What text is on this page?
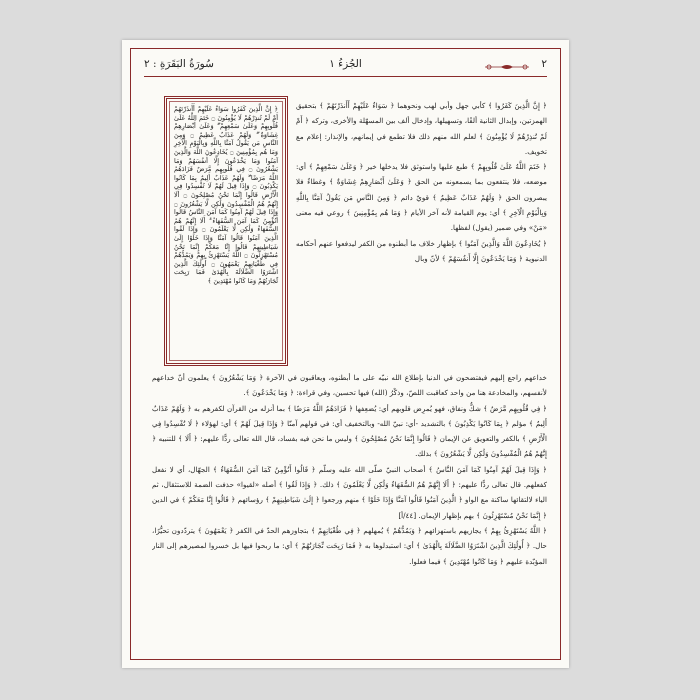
سُورَةُ البَقَرَةِ : ٢	الجُزءُ ١	٢
﴿ إِنَّ الَّذِينَ كَفَرُوا سَوَاءٌ عَلَيْهِمْ أَأَنذَرْتَهُمْ أَمْ لَمْ تُنذِرْهُمْ لَا يُؤْمِنُونَ ۝ خَتَمَ اللَّهُ عَلَىٰ قُلُوبِهِمْ وَعَلَىٰ سَمْعِهِمْ ۖ وَعَلَىٰ أَبْصَارِهِمْ غِشَاوَةٌ ۖ وَلَهُمْ عَذَابٌ عَظِيمٌ ۝ وَمِنَ النَّاسِ مَن يَقُولُ آمَنَّا بِاللَّهِ وَبِالْيَوْمِ الْآخِرِ وَمَا هُم بِمُؤْمِنِينَ ۝ يُخَادِعُونَ اللَّهَ وَالَّذِينَ آمَنُوا وَمَا يَخْدَعُونَ إِلَّا أَنفُسَهُمْ وَمَا يَشْعُرُونَ ۝ فِي قُلُوبِهِم مَّرَضٌ فَزَادَهُمُ اللَّهُ مَرَضًا ۖ وَلَهُمْ عَذَابٌ أَلِيمٌ بِمَا كَانُوا يَكْذِبُونَ ۝ وَإِذَا قِيلَ لَهُمْ لَا تُفْسِدُوا فِي الْأَرْضِ قَالُوا إِنَّمَا نَحْنُ مُصْلِحُونَ ۝ أَلَا إِنَّهُمْ هُمُ الْمُفْسِدُونَ وَلَٰكِن لَّا يَشْعُرُونَ ۝ وَإِذَا قِيلَ لَهُمْ آمِنُوا كَمَا آمَنَ النَّاسُ قَالُوا أَنُؤْمِنُ كَمَا آمَنَ السُّفَهَاءُ ۗ أَلَا إِنَّهُمْ هُمُ السُّفَهَاءُ وَلَٰكِن لَّا يَعْلَمُونَ ۝ وَإِذَا لَقُوا الَّذِينَ آمَنُوا قَالُوا آمَنَّا وَإِذَا خَلَوْا إِلَىٰ شَيَاطِينِهِمْ قَالُوا إِنَّا مَعَكُمْ إِنَّمَا نَحْنُ مُسْتَهْزِئُونَ ۝ اللَّهُ يَسْتَهْزِئُ بِهِمْ وَيَمُدُّهُمْ فِي طُغْيَانِهِمْ يَعْمَهُونَ ۝ أُولَٰئِكَ الَّذِينَ اشْتَرَوُا الضَّلَالَةَ بِالْهُدَىٰ فَمَا رَبِحَت تِّجَارَتُهُمْ وَمَا كَانُوا مُهْتَدِينَ ﴾

﴿ إِنَّ الَّذِينَ كَفَرُوا ﴾ كأبي جهل وأبي لهب ونحوهما ﴿ سَوَاءٌ عَلَيْهِمْ أَأَنذَرْتَهُمْ ﴾ بتحقيق الهمزتين، وإبدال الثانية ألفًا، وتسهيلها، وإدخال ألف بين المسهّلة والأخرى، وتركه ﴿ أَمْ لَمْ تُنذِرْهُمْ لَا يُؤْمِنُونَ ﴾ لعلم الله منهم ذلك فلا تطمع في إيمانهم، والإنذار: إعلام مع تخويف.

﴿ خَتَمَ اللَّهُ عَلَىٰ قُلُوبِهِمْ ﴾ طبع عليها واستوثق فلا يدخلها خير ﴿ وَعَلَىٰ سَمْعِهِمْ ﴾ أي: موضعه، فلا ينتفعون بما يسمعونه من الحق ﴿ وَعَلَىٰ أَبْصَارِهِمْ غِشَاوَةٌ ﴾ وغطاءٌ فلا يبصرون الحق ﴿ وَلَهُمْ عَذَابٌ عَظِيمٌ ﴾ قويّ دائم ﴿ وَمِنَ النَّاسِ مَن يَقُولُ آمَنَّا بِاللَّهِ وَبِالْيَوْمِ الْآخِرِ ﴾ أي: يوم القيامة لأنه آخر الأيام ﴿ وَمَا هُم بِمُؤْمِنِينَ ﴾ روعي فيه معنى «مَنْ» وفي ضمير (يقول) لفظها.

﴿ يُخَادِعُونَ اللَّهَ وَالَّذِينَ آمَنُوا ﴾ بإظهار خلاف ما أبطنوه من الكفر ليدفعوا عنهم أحكامه الدنيوية ﴿ وَمَا يَخْدَعُونَ إِلَّا أَنفُسَهُمْ ﴾ لأنّ وبال

خداعهم راجع إليهم فيفتضحون في الدنيا بإطلاع الله نبيّه على ما أبطنوه، ويعاقبون في الآخرة ﴿ وَمَا يَشْعُرُونَ ﴾ يعلمون أنّ خداعهم لأنفسهم، والمخادعة هنا من واحد كعاقبت اللصّ، وذكْرُ (الله) فيها تحسين، وفي قراءة: ﴿ وَمَا يَخْدَعُونَ ﴾.

﴿ فِي قُلُوبِهِم مَّرَضٌ ﴾ شكٌّ ونفاق، فهو يُمرِض قلوبهم أي: يُضعِفها ﴿ فَزَادَهُمُ اللَّهُ مَرَضًا ﴾ بما أنزله من القرآن لكفرهم به ﴿ وَلَهُمْ عَذَابٌ أَلِيمٌ ﴾ مؤلم ﴿ بِمَا كَانُوا يَكْذِبُونَ ﴾ بالتشديد -أي: نبيّ الله- وبالتخفيف أي: في قولهم آمنّا ﴿ وَإِذَا قِيلَ لَهُمْ ﴾ أي: لهؤلاء ﴿ لَا تُفْسِدُوا فِي الْأَرْضِ ﴾ بالكفر والتعويق عن الإيمان ﴿ قَالُوا إِنَّمَا نَحْنُ مُصْلِحُونَ ﴾ وليس ما نحن فيه بفساد، قال الله تعالى ردًّا عليهم: ﴿ أَلَا ﴾ للتنبيه ﴿ إِنَّهُمْ هُمُ الْمُفْسِدُونَ وَلَٰكِن لَّا يَشْعُرُونَ ﴾ بذلك.

﴿ وَإِذَا قِيلَ لَهُمْ آمِنُوا كَمَا آمَنَ النَّاسُ ﴾ أصحاب النبيّ صلّى الله عليه وسلّم ﴿ قَالُوا أَنُؤْمِنُ كَمَا آمَنَ السُّفَهَاءُ ﴾ الجهّال، أي لا نفعل كفعلهم. قال تعالى ردًّا عليهم: ﴿ أَلَا إِنَّهُمْ هُمُ السُّفَهَاءُ وَلَٰكِن لَّا يَعْلَمُونَ ﴾ ذلك. ﴿ وَإِذَا لَقُوا ﴾ أصله «لقيوا» حذفت الضمة للاستثقال، ثم الياء لالتقائها ساكنة مع الواو ﴿ الَّذِينَ آمَنُوا قَالُوا آمَنَّا وَإِذَا خَلَوْا ﴾ منهم ورجعوا ﴿ إِلَىٰ شَيَاطِينِهِمْ ﴾ رؤسائهم ﴿ قَالُوا إِنَّا مَعَكُمْ ﴾ في الدين ﴿ إِنَّمَا نَحْنُ مُسْتَهْزِئُونَ ﴾ بهم بإظهار الإيمان. [٤٤/أ]

﴿ اللَّهُ يَسْتَهْزِئُ بِهِمْ ﴾ يجازيهم باستهزائهم ﴿ وَيَمُدُّهُمْ ﴾ يُمهلهم ﴿ فِي طُغْيَانِهِمْ ﴾ بتجاوزهم الحدّ في الكفر ﴿ يَعْمَهُونَ ﴾ يتردّدون تحيُّرًا، حال. ﴿ أُولَٰئِكَ الَّذِينَ اشْتَرَوُا الضَّلَالَةَ بِالْهُدَىٰ ﴾ أي: استبدلوها به ﴿ فَمَا رَبِحَت تِّجَارَتُهُمْ ﴾ أي: ما ربحوا فيها بل خسروا لمصيرهم إلى النار المؤبّدة عليهم ﴿ وَمَا كَانُوا مُهْتَدِينَ ﴾ فيما فعلوا.
